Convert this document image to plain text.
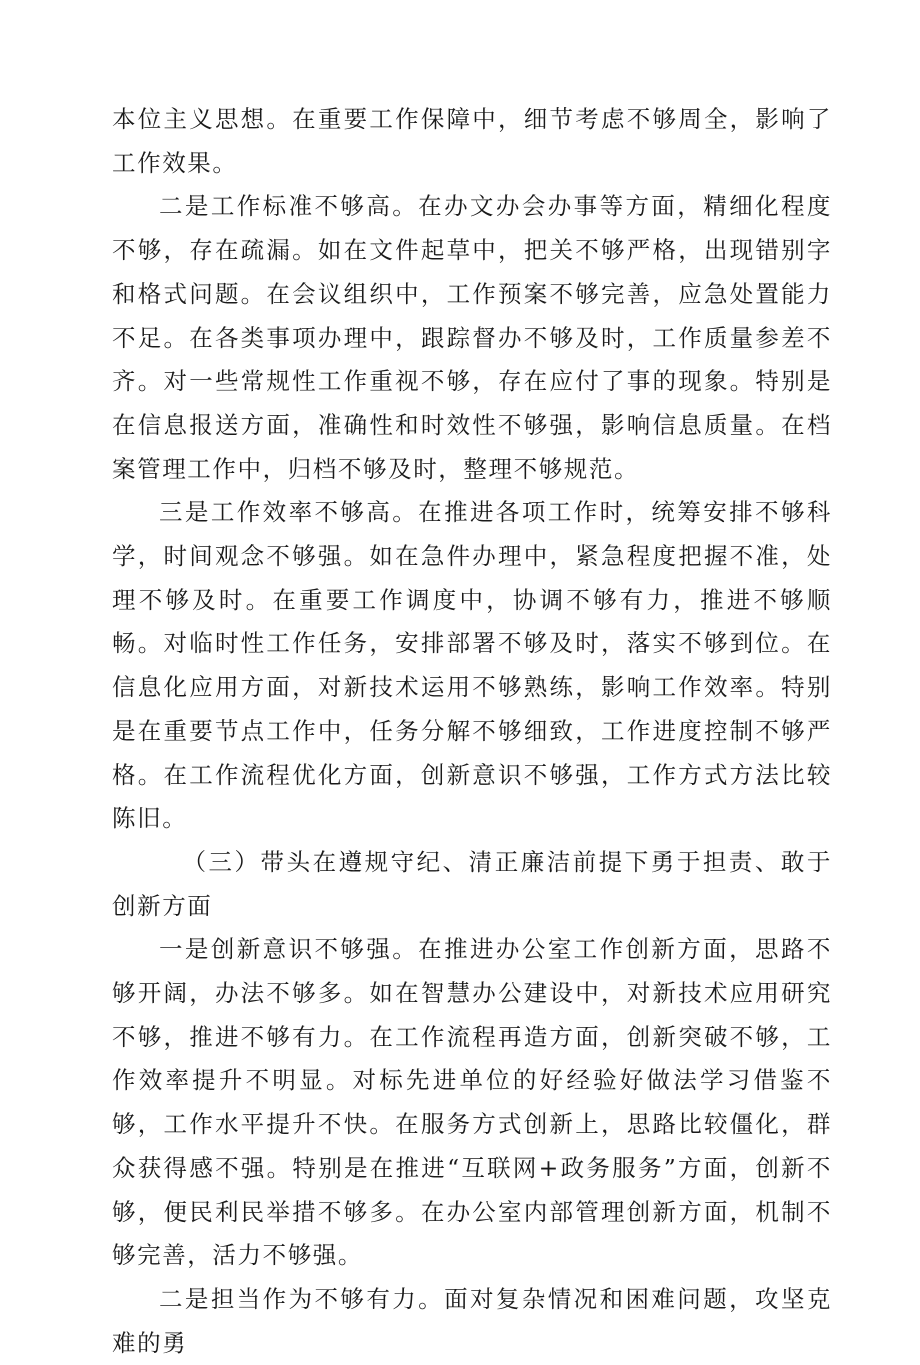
本位主义思想。在重要工作保障中，细节考虑不够周全，影响了工作效果。

二是工作标准不够高。在办文办会办事等方面，精细化程度不够，存在疏漏。如在文件起草中，把关不够严格，出现错别字和格式问题。在会议组织中，工作预案不够完善，应急处置能力不足。在各类事项办理中，跟踪督办不够及时，工作质量参差不齐。对一些常规性工作重视不够，存在应付了事的现象。特别是在信息报送方面，准确性和时效性不够强，影响信息质量。在档案管理工作中，归档不够及时，整理不够规范。

三是工作效率不够高。在推进各项工作时，统筹安排不够科学，时间观念不够强。如在急件办理中，紧急程度把握不准，处理不够及时。在重要工作调度中，协调不够有力，推进不够顺畅。对临时性工作任务，安排部署不够及时，落实不够到位。在信息化应用方面，对新技术运用不够熟练，影响工作效率。特别是在重要节点工作中，任务分解不够细致，工作进度控制不够严格。在工作流程优化方面，创新意识不够强，工作方式方法比较陈旧。

（三）带头在遵规守纪、清正廉洁前提下勇于担责、敢于创新方面

一是创新意识不够强。在推进办公室工作创新方面，思路不够开阔，办法不够多。如在智慧办公建设中，对新技术应用研究不够，推进不够有力。在工作流程再造方面，创新突破不够，工作效率提升不明显。对标先进单位的好经验好做法学习借鉴不够，工作水平提升不快。在服务方式创新上，思路比较僵化，群众获得感不强。特别是在推进“互联网+政务服务”方面，创新不够，便民利民举措不够多。在办公室内部管理创新方面，机制不够完善，活力不够强。

二是担当作为不够有力。面对复杂情况和困难问题，攻坚克难的勇
